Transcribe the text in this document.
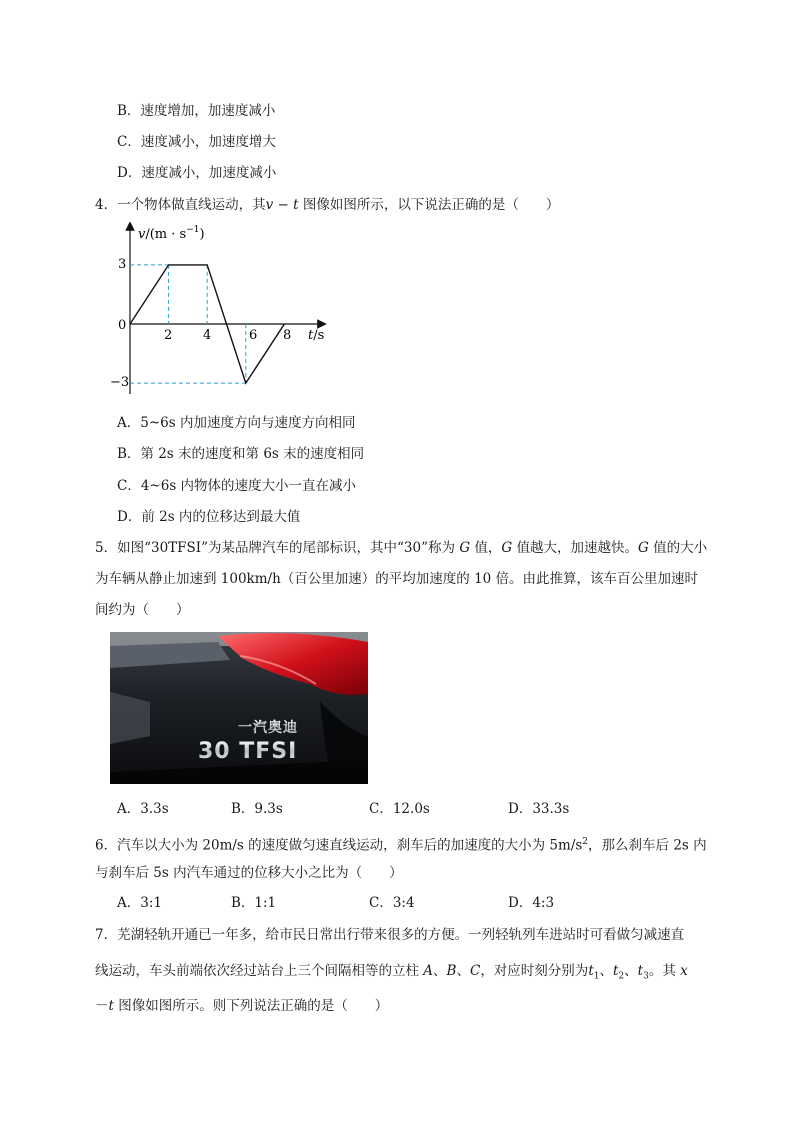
B．速度增加，加速度减小
C．速度减小，加速度增大
D．速度减小，加速度减小
4．一个物体做直线运动，其v − t 图像如图所示，以下说法正确的是（　　）
$v/(m \cdot s^{-1})$
t/s
0
3
−3
2 4	6 8
A．5~6s 内加速度方向与速度方向相同
B．第 2s 末的速度和第 6s 末的速度相同
C．4~6s 内物体的速度大小一直在减小
D．前 2s 内的位移达到最大值
5．如图“30TFSI”为某品牌汽车的尾部标识，其中“30”称为 G 值，G 值越大，加速越快。G 值的大小
为车辆从静止加速到 100km/h（百公里加速）的平均加速度的 10 倍。由此推算，该车百公里加速时
间约为（　　）
一汽奥迪
30 TFSI
A．3.3s	B．9.3s	C．12.0s	D．33.3s
6．汽车以大小为 20m/s 的速度做匀速直线运动，刹车后的加速度的大小为 $5m/s^2$，那么刹车后 2s 内
与刹车后 5s 内汽车通过的位移大小之比为（　　）
A．3:1	B．1:1	C．3:4	D．4:3
7．芜湖轻轨开通已一年多，给市民日常出行带来很多的方便。一列轻轨列车进站时可看做匀减速直
线运动，车头前端依次经过站台上三个间隔相等的立柱 A、B、C，对应时刻分别为$t_1$、$t_2$、$t_3$。其 x
－t 图像如图所示。则下列说法正确的是（　　）
